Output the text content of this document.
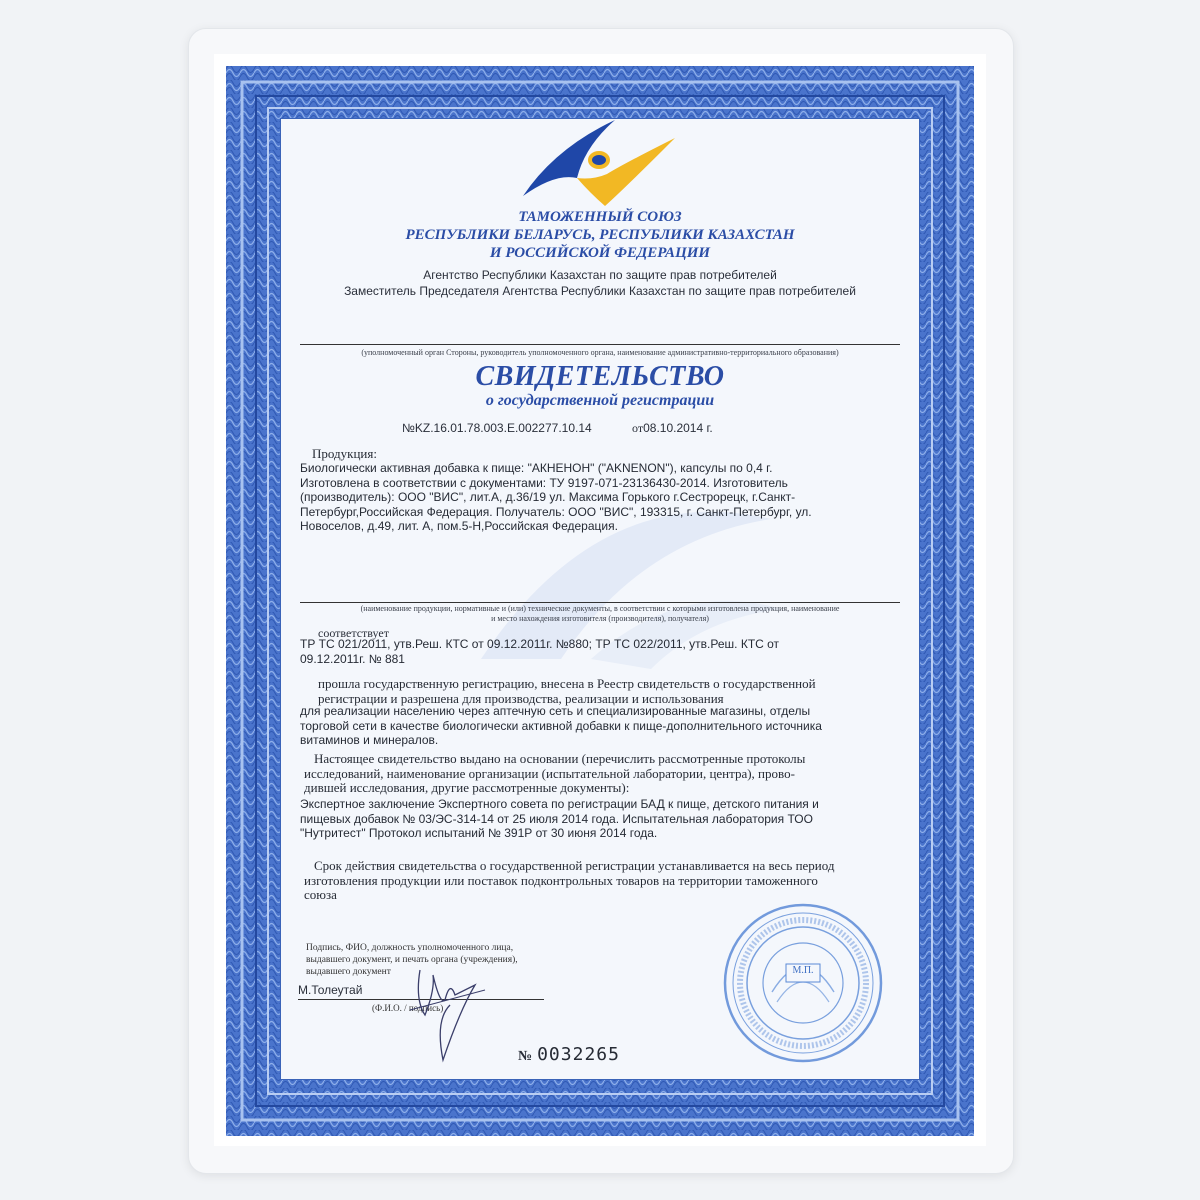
ТАМОЖЕННЫЙ СОЮЗ
РЕСПУБЛИКИ БЕЛАРУСЬ, РЕСПУБЛИКИ КАЗАХСТАН
И РОССИЙСКОЙ ФЕДЕРАЦИИ
Агентство Республики Казахстан по защите прав потребителей
Заместитель Председателя Агентства Республики Казахстан по защите прав потребителей
(уполномоченный орган Стороны, руководитель уполномоченного органа, наименование административно-территориального образования)
СВИДЕТЕЛЬСТВО
о государственной регистрации
№KZ.16.01.78.003.E.002277.10.14	от08.10.2014 г.
Продукция:
Биологически активная добавка к пище: "АКНЕНОН" ("AKNENON"), капсулы по 0,4 г.
Изготовлена в соответствии с документами: ТУ 9197-071-23136430-2014. Изготовитель
(производитель): ООО "ВИС", лит.А, д.36/19 ул. Максима Горького г.Сестрорецк, г.Санкт-
Петербург,Российская Федерация. Получатель: ООО "ВИС", 193315, г. Санкт-Петербург, ул.
Новоселов, д.49, лит. А, пом.5-Н,Российская Федерация.
(наименование продукции, нормативные и (или) технические документы, в соответствии с которыми изготовлена продукция, наименование
и место нахождения изготовителя (производителя), получателя)
соответствует
ТР ТС 021/2011, утв.Реш. КТС от 09.12.2011г. №880; ТР ТС 022/2011, утв.Реш. КТС от
09.12.2011г. № 881
прошла государственную регистрацию, внесена в Реестр свидетельств о государственной
регистрации и разрешена для производства, реализации и использования
для реализации населению через аптечную сеть и специализированные магазины, отделы
торговой сети в качестве биологически активной добавки к пище-дополнительного источника
витаминов и минералов.
Настоящее свидетельство выдано на основании (перечислить рассмотренные протоколы
исследований, наименование организации (испытательной лаборатории, центра), прово-
дившей исследования, другие рассмотренные документы):
Экспертное заключение Экспертного совета по регистрации БАД к пище, детского питания и
пищевых добавок № 03/ЭС-314-14 от 25 июля 2014 года. Испытательная лаборатория ТОО
"Нутритест" Протокол испытаний № 391Р от 30 июня 2014 года.
Срок действия свидетельства о государственной регистрации устанавливается на весь период
изготовления продукции или поставок подконтрольных товаров на территории таможенного
союза
Подпись, ФИО, должность уполномоченного лица,
выдавшего документ, и печать органа (учреждения),
выдавшего документ
М.Толеутай
(Ф.И.О. / подпись)
М.П.
№ 0032265
